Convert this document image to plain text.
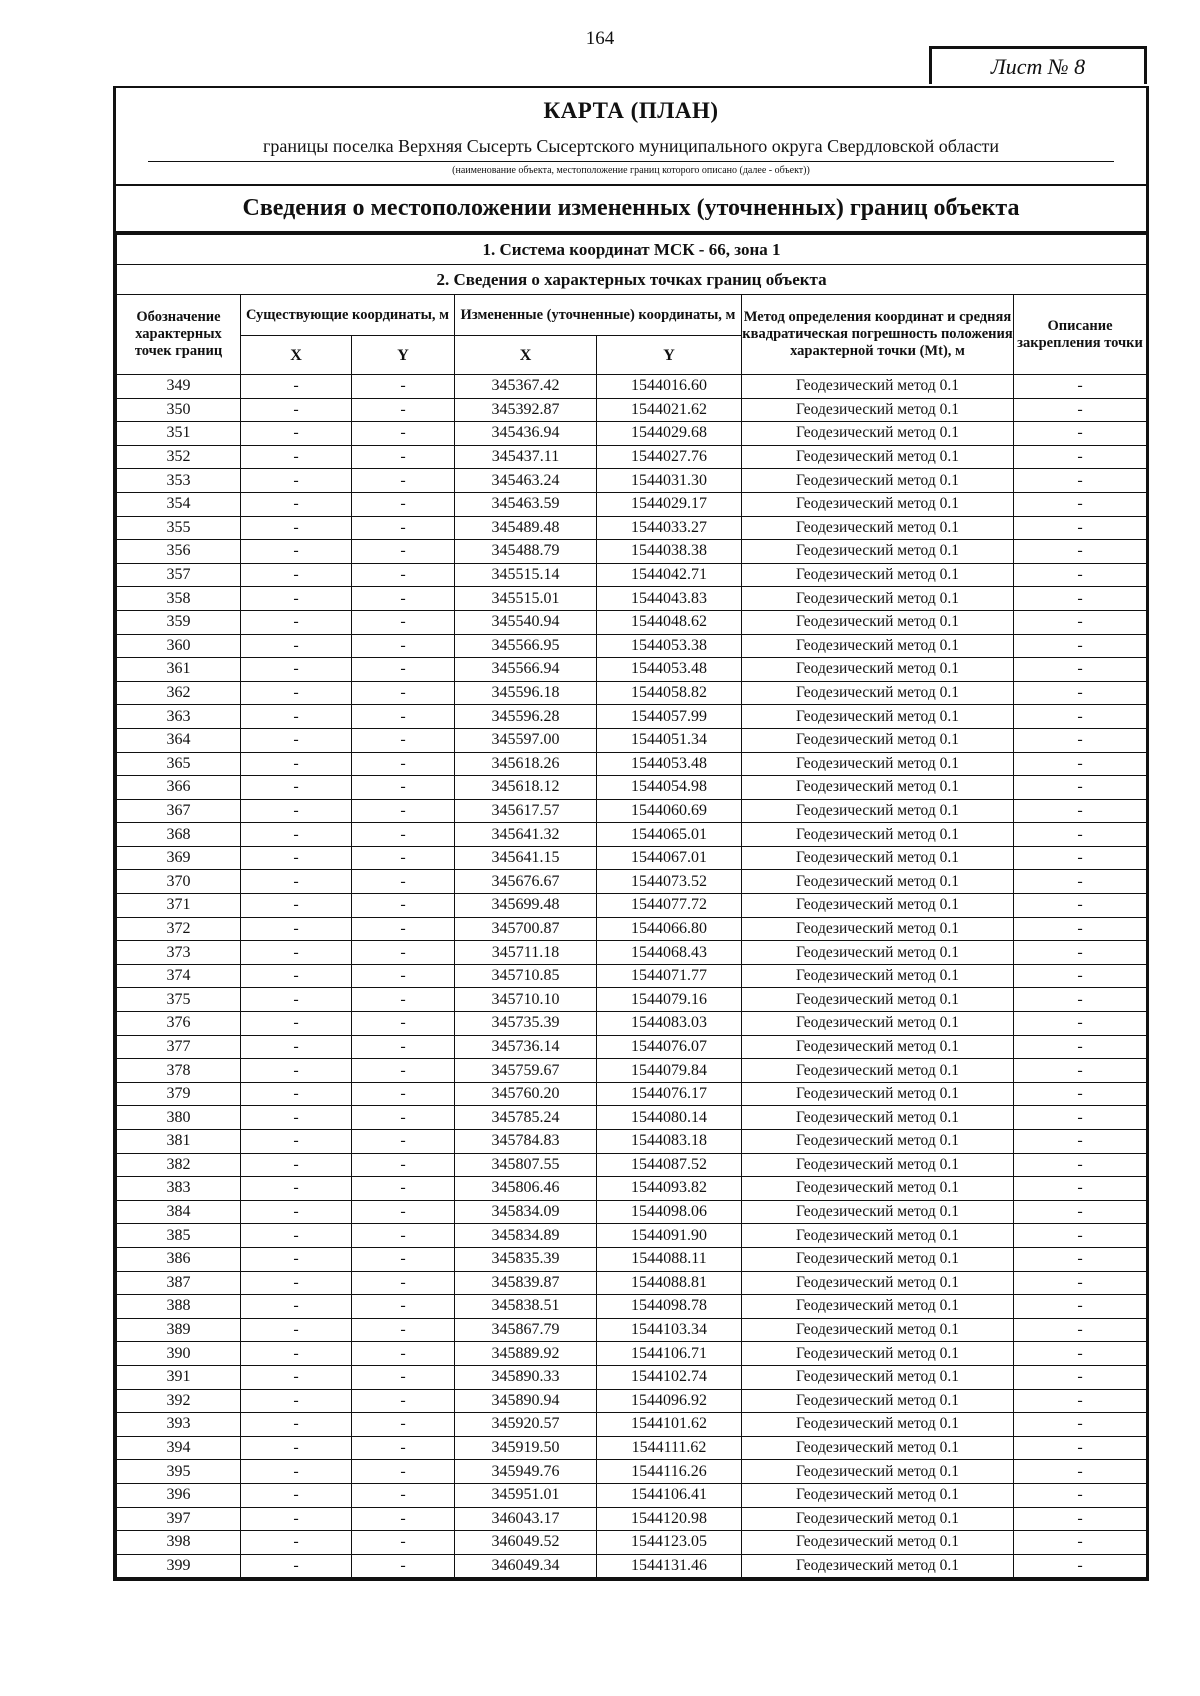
164
Лист № 8
КАРТА (ПЛАН)
границы поселка Верхняя Сысерть Сысертского муниципального округа Свердловской области
(наименование объекта, местоположение границ которого описано (далее - объект))
Сведения о местоположении измененных (уточненных) границ объекта
1. Система координат МСК - 66, зона 1						
2. Сведения о характерных точках границ объекта						
Обозначение характерных точек границ	Существующие координаты, м		Измененные (уточненные) координаты, м		Метод определения координат и средняя квадратическая погрешность положения характерной точки (Mt), м	Описание закрепления точки
	X	Y	X	Y		
349	-	-	345367.42	1544016.60	Геодезический метод 0.1	-
350	-	-	345392.87	1544021.62	Геодезический метод 0.1	-
351	-	-	345436.94	1544029.68	Геодезический метод 0.1	-
352	-	-	345437.11	1544027.76	Геодезический метод 0.1	-
353	-	-	345463.24	1544031.30	Геодезический метод 0.1	-
354	-	-	345463.59	1544029.17	Геодезический метод 0.1	-
355	-	-	345489.48	1544033.27	Геодезический метод 0.1	-
356	-	-	345488.79	1544038.38	Геодезический метод 0.1	-
357	-	-	345515.14	1544042.71	Геодезический метод 0.1	-
358	-	-	345515.01	1544043.83	Геодезический метод 0.1	-
359	-	-	345540.94	1544048.62	Геодезический метод 0.1	-
360	-	-	345566.95	1544053.38	Геодезический метод 0.1	-
361	-	-	345566.94	1544053.48	Геодезический метод 0.1	-
362	-	-	345596.18	1544058.82	Геодезический метод 0.1	-
363	-	-	345596.28	1544057.99	Геодезический метод 0.1	-
364	-	-	345597.00	1544051.34	Геодезический метод 0.1	-
365	-	-	345618.26	1544053.48	Геодезический метод 0.1	-
366	-	-	345618.12	1544054.98	Геодезический метод 0.1	-
367	-	-	345617.57	1544060.69	Геодезический метод 0.1	-
368	-	-	345641.32	1544065.01	Геодезический метод 0.1	-
369	-	-	345641.15	1544067.01	Геодезический метод 0.1	-
370	-	-	345676.67	1544073.52	Геодезический метод 0.1	-
371	-	-	345699.48	1544077.72	Геодезический метод 0.1	-
372	-	-	345700.87	1544066.80	Геодезический метод 0.1	-
373	-	-	345711.18	1544068.43	Геодезический метод 0.1	-
374	-	-	345710.85	1544071.77	Геодезический метод 0.1	-
375	-	-	345710.10	1544079.16	Геодезический метод 0.1	-
376	-	-	345735.39	1544083.03	Геодезический метод 0.1	-
377	-	-	345736.14	1544076.07	Геодезический метод 0.1	-
378	-	-	345759.67	1544079.84	Геодезический метод 0.1	-
379	-	-	345760.20	1544076.17	Геодезический метод 0.1	-
380	-	-	345785.24	1544080.14	Геодезический метод 0.1	-
381	-	-	345784.83	1544083.18	Геодезический метод 0.1	-
382	-	-	345807.55	1544087.52	Геодезический метод 0.1	-
383	-	-	345806.46	1544093.82	Геодезический метод 0.1	-
384	-	-	345834.09	1544098.06	Геодезический метод 0.1	-
385	-	-	345834.89	1544091.90	Геодезический метод 0.1	-
386	-	-	345835.39	1544088.11	Геодезический метод 0.1	-
387	-	-	345839.87	1544088.81	Геодезический метод 0.1	-
388	-	-	345838.51	1544098.78	Геодезический метод 0.1	-
389	-	-	345867.79	1544103.34	Геодезический метод 0.1	-
390	-	-	345889.92	1544106.71	Геодезический метод 0.1	-
391	-	-	345890.33	1544102.74	Геодезический метод 0.1	-
392	-	-	345890.94	1544096.92	Геодезический метод 0.1	-
393	-	-	345920.57	1544101.62	Геодезический метод 0.1	-
394	-	-	345919.50	1544111.62	Геодезический метод 0.1	-
395	-	-	345949.76	1544116.26	Геодезический метод 0.1	-
396	-	-	345951.01	1544106.41	Геодезический метод 0.1	-
397	-	-	346043.17	1544120.98	Геодезический метод 0.1	-
398	-	-	346049.52	1544123.05	Геодезический метод 0.1	-
399	-	-	346049.34	1544131.46	Геодезический метод 0.1	-
